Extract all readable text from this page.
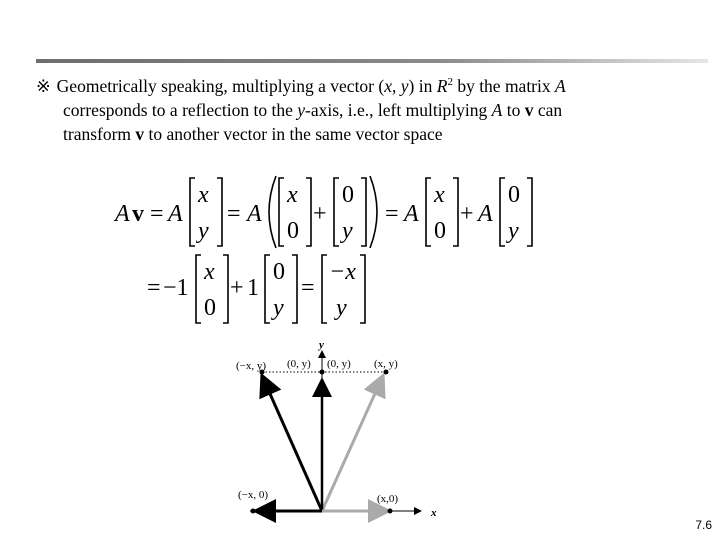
※ Geometrically speaking, multiplying a vector (x, y) in $R^2$ by the matrix A
corresponds to a reflection to the y-axis, i.e., left multiplying A to v can
transform v to another vector in the same vector space
A v = A
x
y
= A
x
0
+
0
y
= A
x
0
+ A
0
y
= −1
x
0
+ 1
0
y
=
−x
y
y
x
(−x, y) (0, y) (0, y) (x, y)
(−x, 0)	(x,0)
7.6
